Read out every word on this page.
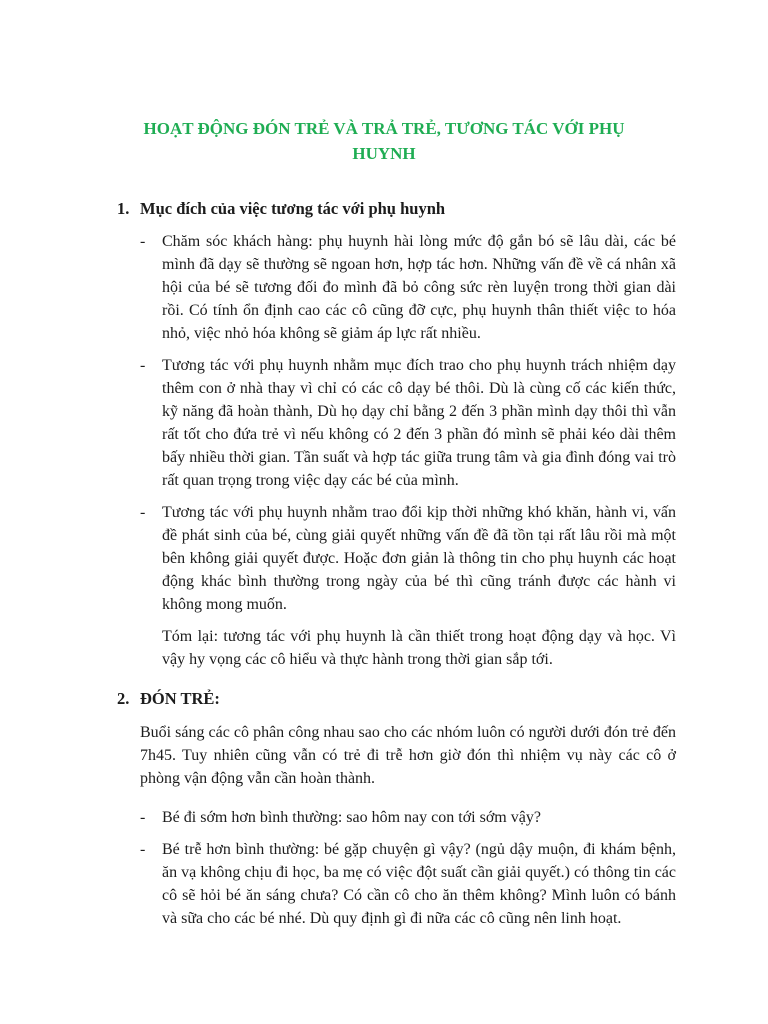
HOẠT ĐỘNG ĐÓN TRẺ VÀ TRẢ TRẺ, TƯƠNG TÁC VỚI PHỤ
HUYNH
1. Mục đích của việc tương tác với phụ huynh
-	Chăm sóc khách hàng: phụ huynh hài lòng mức độ gắn bó sẽ lâu dài, các bé mình đã dạy sẽ thường sẽ ngoan hơn, hợp tác hơn. Những vấn đề về cá nhân xã hội của bé sẽ tương đối đo mình đã bỏ công sức rèn luyện trong thời gian dài rồi. Có tính ổn định cao các cô cũng đỡ cực, phụ huynh thân thiết việc to hóa nhỏ, việc nhỏ hóa không sẽ giảm áp lực rất nhiều.
-	Tương tác với phụ huynh nhằm mục đích trao cho phụ huynh trách nhiệm dạy thêm con ở nhà thay vì chỉ có các cô dạy bé thôi. Dù là cùng cố các kiến thức, kỹ năng đã hoàn thành, Dù họ dạy chỉ bằng 2 đến 3 phần mình dạy thôi thì vẫn rất tốt cho đứa trẻ vì nếu không có 2 đến 3 phần đó mình sẽ phải kéo dài thêm bấy nhiều thời gian. Tần suất và hợp tác giữa trung tâm và gia đình đóng vai trò rất quan trọng trong việc dạy các bé của mình.
-	Tương tác với phụ huynh nhằm trao đổi kịp thời những khó khăn, hành vi, vấn đề phát sinh của bé, cùng giải quyết những vấn đề đã tồn tại rất lâu rồi mà một bên không giải quyết được. Hoặc đơn giản là thông tin cho phụ huynh các hoạt động khác bình thường trong ngày của bé thì cũng tránh được các hành vi không mong muốn.

Tóm lại: tương tác với phụ huynh là cần thiết trong hoạt động dạy và học. Vì vậy hy vọng các cô hiểu và thực hành trong thời gian sắp tới.

2. ĐÓN TRẺ:

Buổi sáng các cô phân công nhau sao cho các nhóm luôn có người dưới đón trẻ đến 7h45. Tuy nhiên cũng vẫn có trẻ đi trễ hơn giờ đón thì nhiệm vụ này các cô ở phòng vận động vẫn cần hoàn thành.

-	Bé đi sớm hơn bình thường: sao hôm nay con tới sớm vậy?
-	Bé trễ hơn bình thường: bé gặp chuyện gì vậy? (ngủ dậy muộn, đi khám bệnh, ăn vạ không chịu đi học, ba mẹ có việc đột suất cần giải quyết.) có thông tin các cô sẽ hỏi bé ăn sáng chưa? Có cần cô cho ăn thêm không? Mình luôn có bánh và sữa cho các bé nhé. Dù quy định gì đi nữa các cô cũng nên linh hoạt.
